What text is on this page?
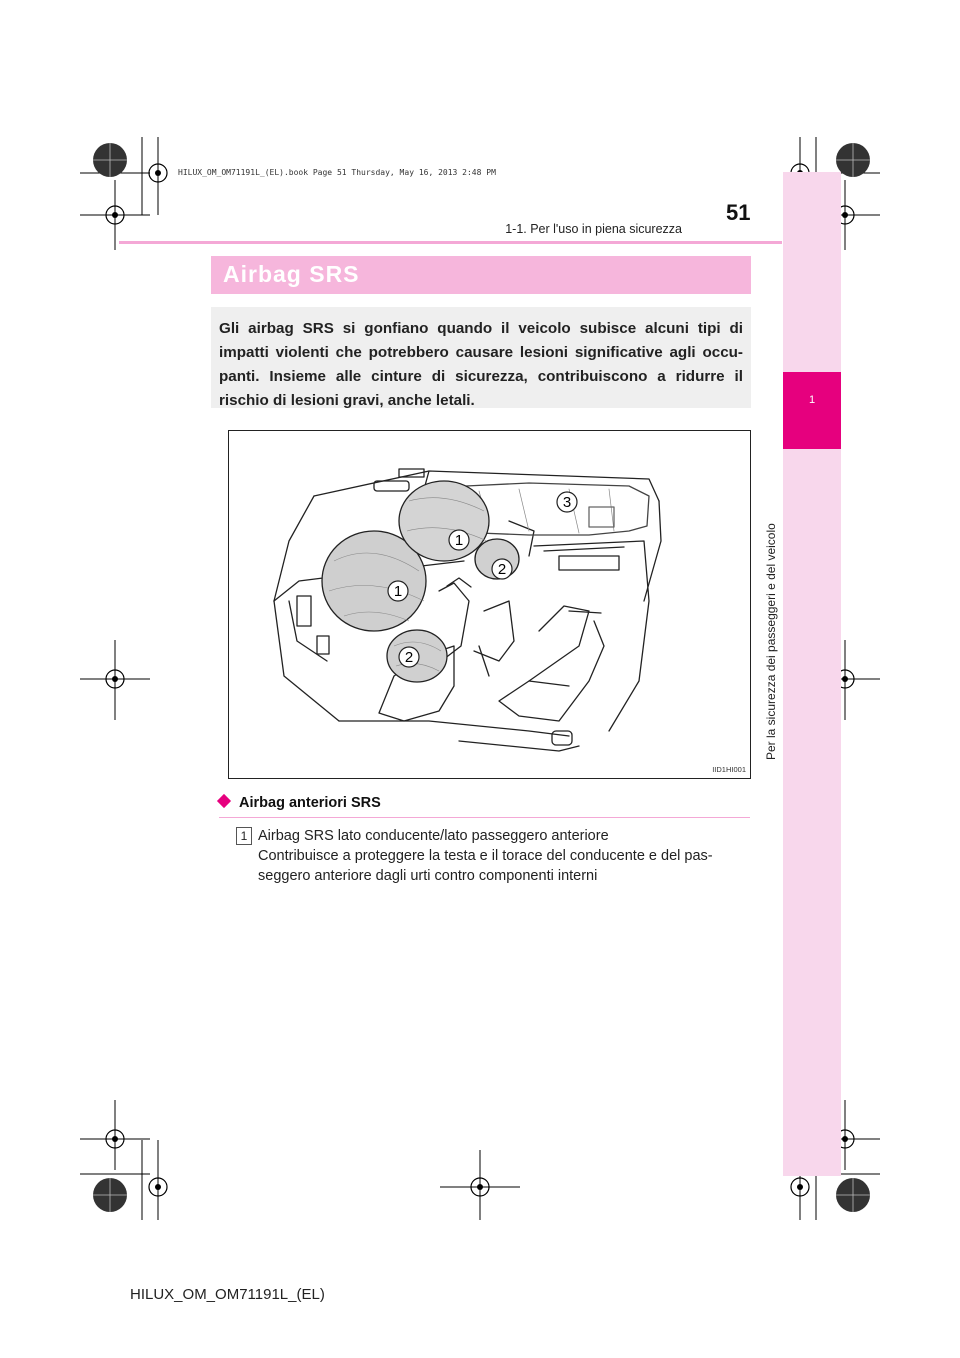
HILUX_OM_OM71191L_(EL).book Page 51 Thursday, May 16, 2013 2:48 PM
1
Per la sicurezza dei passeggeri e del veicolo
51
1-1. Per l'uso in piena sicurezza
Airbag SRS

Gli airbag SRS si gonfiano quando il veicolo subisce alcuni tipi di impatti violenti che potrebbero causare lesioni significative agli occu-panti. Insieme alle cinture di sicurezza, contribuiscono a ridurre il rischio di lesioni gravi, anche letali.

1
1
2
2
3
IID1HI001
Airbag anteriori SRS
1 Airbag SRS lato conducente/lato passeggero anteriore
Contribuisce a proteggere la testa e il torace del conducente e del pas-
seggero anteriore dagli urti contro componenti interni
HILUX_OM_OM71191L_(EL)
